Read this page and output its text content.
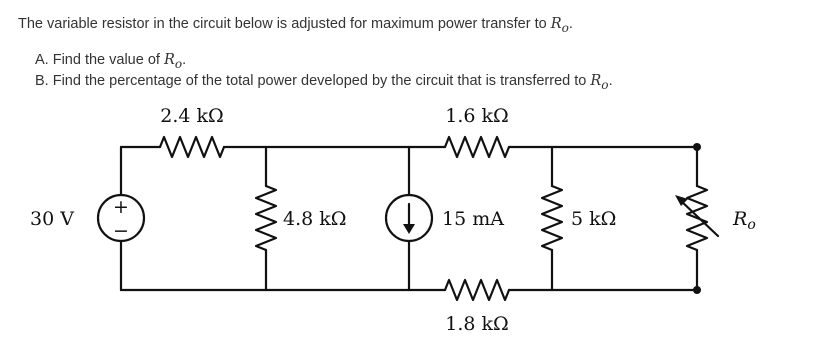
The variable resistor in the circuit below is adjusted for maximum power transfer to $R_o$.
A. Find the value of $R_o$.
B. Find the percentage of the total power developed by the circuit that is transferred to $R_o$.
2.4 kΩ	1.6 kΩ
30 V
+
−
4.8 kΩ	15 mA	5 kΩ
1.8 kΩ
$R_o$
